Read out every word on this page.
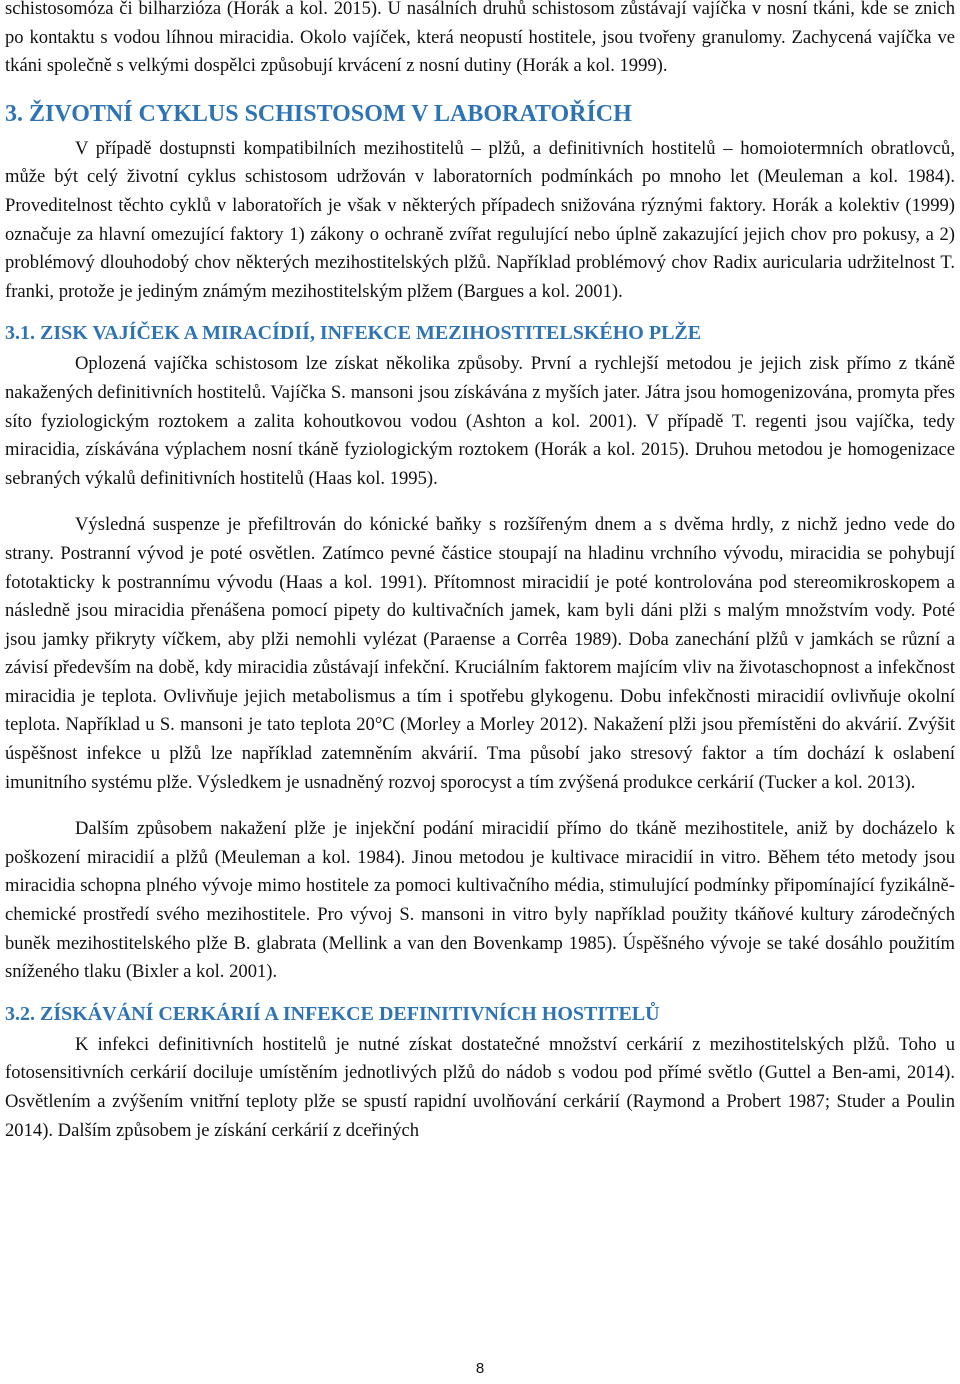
schistosomóza či bilharzióza (Horák a kol. 2015). U nasálních druhů schistosom zůstávají vajíčka v nosní tkáni, kde se znich po kontaktu s vodou líhnou miracidia. Okolo vajíček, která neopustí hostitele, jsou tvořeny granulomy. Zachycená vajíčka ve tkáni společně s velkými dospělci způsobují krvácení z nosní dutiny (Horák a kol. 1999).

3. ŽIVOTNÍ CYKLUS SCHISTOSOM V LABORATOŘÍCH

V případě dostupnsti kompatibilních mezihostitelů – plžů, a definitivních hostitelů – homoiotermních obratlovců, může být celý životní cyklus schistosom udržován v laboratorních podmínkách po mnoho let (Meuleman a kol. 1984). Proveditelnost těchto cyklů v laboratořích je však v některých případech snižována rýznými faktory. Horák a kolektiv (1999) označuje za hlavní omezující faktory 1) zákony o ochraně zvířat regulující nebo úplně zakazující jejich chov pro pokusy, a 2) problémový dlouhodobý chov některých mezihostitelských plžů. Například problémový chov Radix auricularia udržitelnost T. franki, protože je jediným známým mezihostitelským plžem (Bargues a kol. 2001).

3.1. ZISK VAJÍČEK A MIRACÍDIÍ, INFEKCE MEZIHOSTITELSKÉHO PLŽE

Oplozená vajíčka schistosom lze získat několika způsoby. První a rychlejší metodou je jejich zisk přímo z tkáně nakažených definitivních hostitelů. Vajíčka S. mansoni jsou získávána z myších jater. Játra jsou homogenizována, promyta přes síto fyziologickým roztokem a zalita kohoutkovou vodou (Ashton a kol. 2001). V případě T. regenti jsou vajíčka, tedy miracidia, získávána výplachem nosní tkáně fyziologickým roztokem (Horák a kol. 2015). Druhou metodou je homogenizace sebraných výkalů definitivních hostitelů (Haas kol. 1995).

Výsledná suspenze je přefiltrován do kónické baňky s rozšířeným dnem a s dvěma hrdly, z nichž jedno vede do strany. Postranní vývod je poté osvětlen. Zatímco pevné částice stoupají na hladinu vrchního vývodu, miracidia se pohybují fototakticky k postrannímu vývodu (Haas a kol. 1991). Přítomnost miracidií je poté kontrolována pod stereomikroskopem a následně jsou miracidia přenášena pomocí pipety do kultivačních jamek, kam byli dáni plži s malým množstvím vody. Poté jsou jamky přikryty víčkem, aby plži nemohli vylézat (Paraense a Corrêa 1989). Doba zanechání plžů v jamkách se různí a závisí především na době, kdy miracidia zůstávají infekční. Kruciálním faktorem majícím vliv na životaschopnost a infekčnost miracidia je teplota. Ovlivňuje jejich metabolismus a tím i spotřebu glykogenu. Dobu infekčnosti miracidií ovlivňuje okolní teplota. Například u S. mansoni je tato teplota 20°C (Morley a Morley 2012). Nakažení plži jsou přemístěni do akvárií. Zvýšit úspěšnost infekce u plžů lze například zatemněním akvárií. Tma působí jako stresový faktor a tím dochází k oslabení imunitního systému plže. Výsledkem je usnadněný rozvoj sporocyst a tím zvýšená produkce cerkárií (Tucker a kol. 2013).

Dalším způsobem nakažení plže je injekční podání miracidií přímo do tkáně mezihostitele, aniž by docházelo k poškození miracidií a plžů (Meuleman a kol. 1984). Jinou metodou je kultivace miracidií in vitro. Během této metody jsou miracidia schopna plného vývoje mimo hostitele za pomoci kultivačního média, stimulující podmínky připomínající fyzikálně-chemické prostředí svého mezihostitele. Pro vývoj S. mansoni in vitro byly například použity tkáňové kultury zárodečných buněk mezihostitelského plže B. glabrata (Mellink a van den Bovenkamp 1985). Úspěšného vývoje se také dosáhlo použitím sníženého tlaku (Bixler a kol. 2001).

3.2. ZÍSKÁVÁNÍ CERKÁRIÍ A INFEKCE DEFINITIVNÍCH HOSTITELŮ

K infekci definitivních hostitelů je nutné získat dostatečné množství cerkárií z mezihostitelských plžů. Toho u fotosensitivních cerkárií dociluje umístěním jednotlivých plžů do nádob s vodou pod přímé světlo (Guttel a Ben-ami, 2014). Osvětlením a zvýšením vnitřní teploty plže se spustí rapidní uvolňování cerkárií (Raymond a Probert 1987; Studer a Poulin 2014). Dalším způsobem je získání cerkárií z dceřiných

8
